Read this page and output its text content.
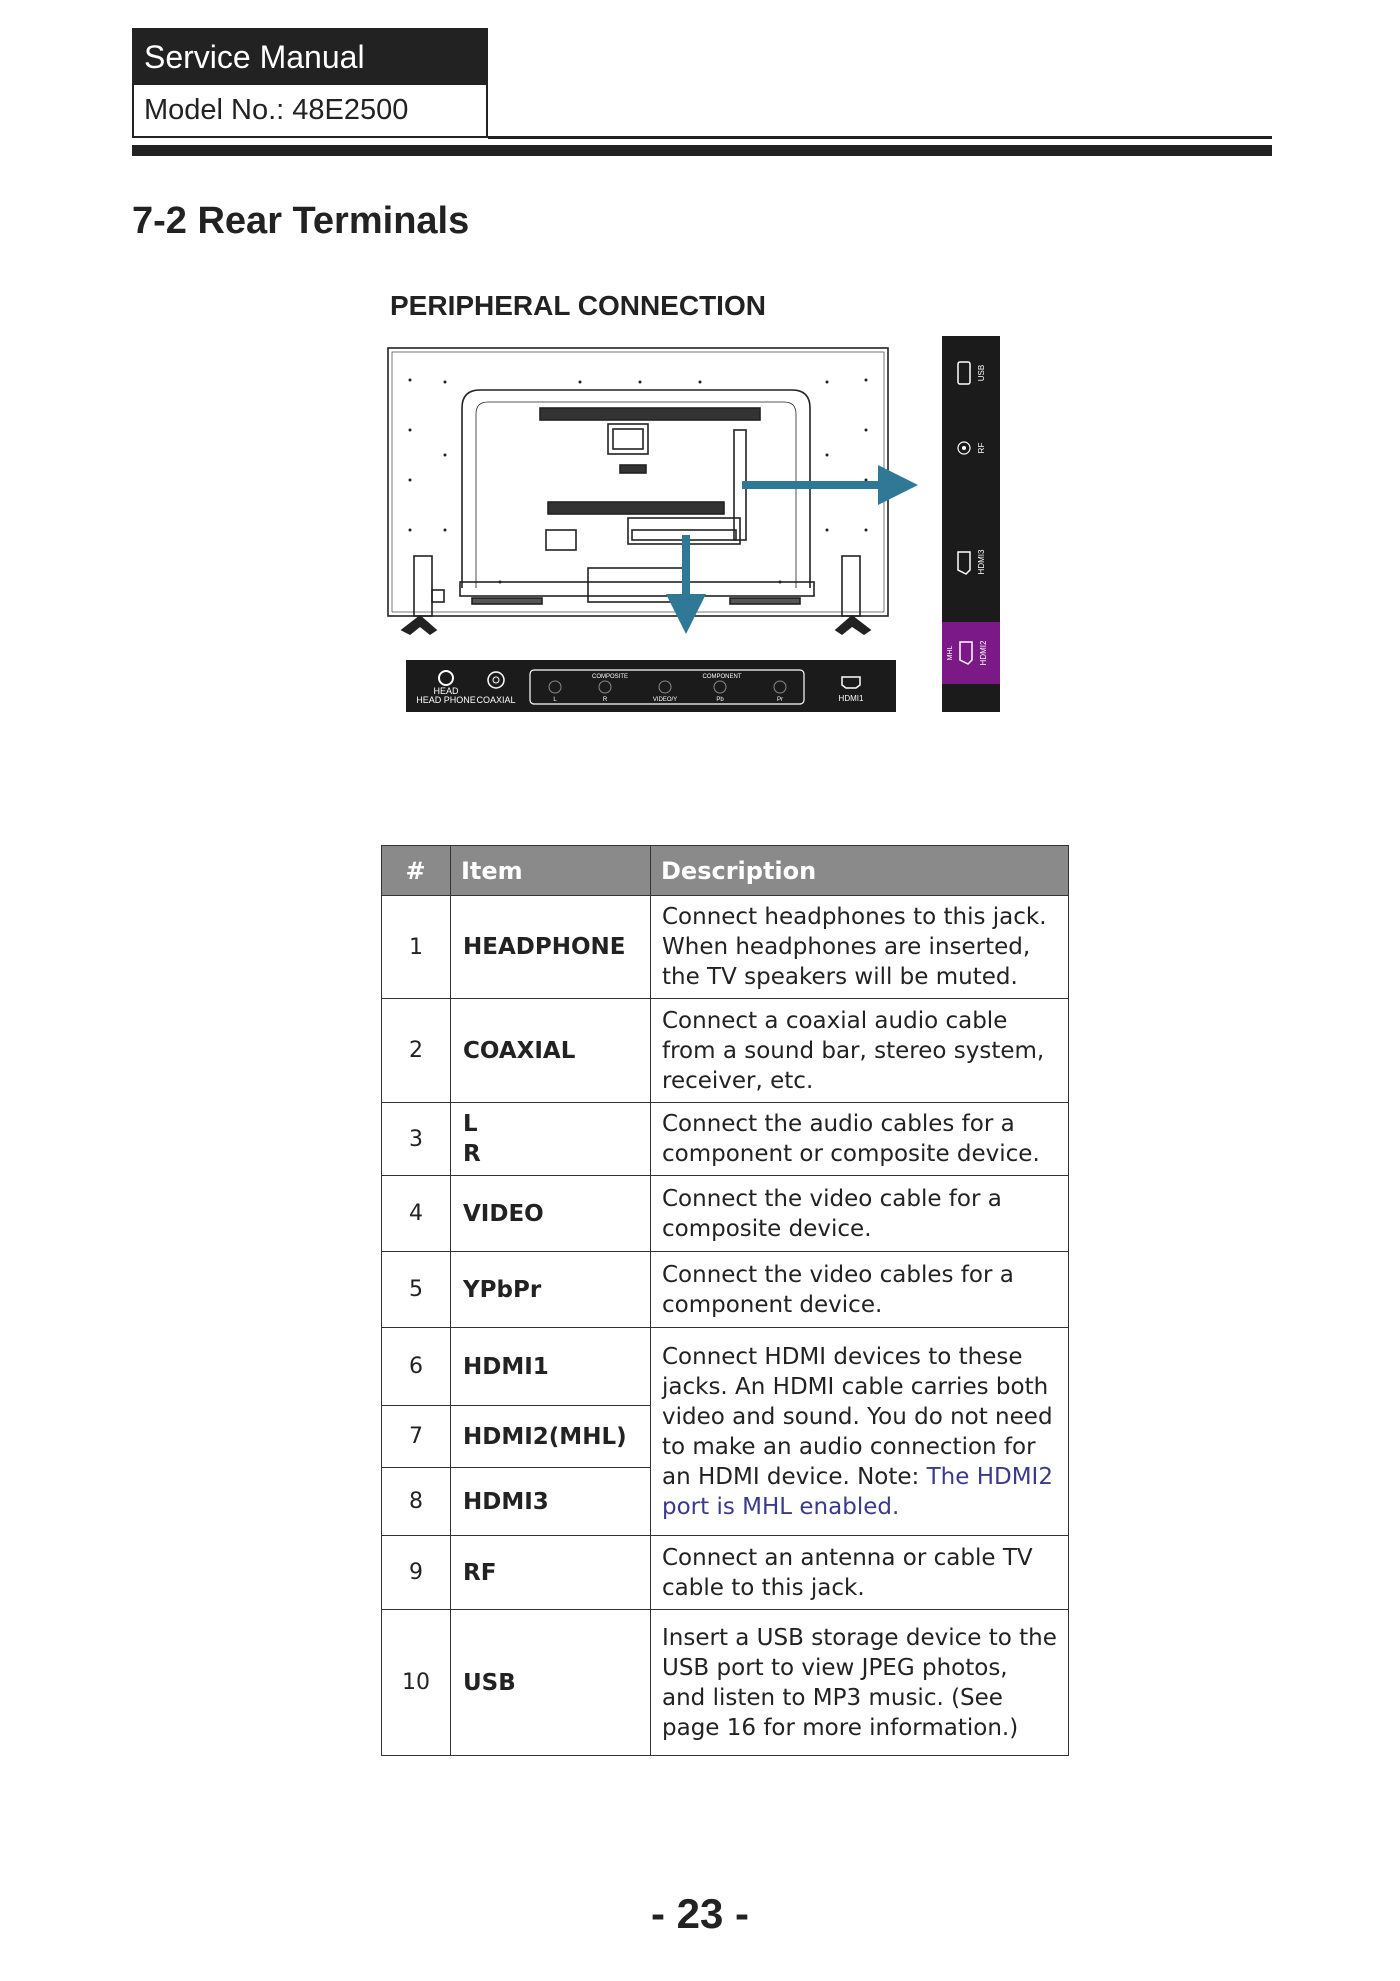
Service Manual
Model No.: 48E2500
7-2 Rear Terminals
PERIPHERAL CONNECTION
HEAD
HEAD PHONE COAXIAL
COMPOSITE	COMPONENT
L	R	VIDEO/Y	Pb	Pr	HDMI1
USB
RF
HDMI3
HDMI2
MHL
#	Item	Description
1	HEADPHONE	Connect headphones to this jack. When headphones are inserted, the TV speakers will be muted.
2	COAXIAL	Connect a coaxial audio cable from a sound bar, stereo system, receiver, etc.
3	L
R	Connect the audio cables for a component or composite device.
4	VIDEO	Connect the video cable for a composite device.
5	YPbPr	Connect the video cables for a component device.
6	HDMI1	Connect HDMI devices to these jacks. An HDMI cable carries both video and sound. You do not need to make an audio connection for an HDMI device. Note: The HDMI2 port is MHL enabled.
7	HDMI2(MHL)	
8	HDMI3	
9	RF	Connect an antenna or cable TV cable to this jack.
10	USB	Insert a USB storage device to the USB port to view JPEG photos, and listen to MP3 music. (See page 16 for more information.)
- 23 -
